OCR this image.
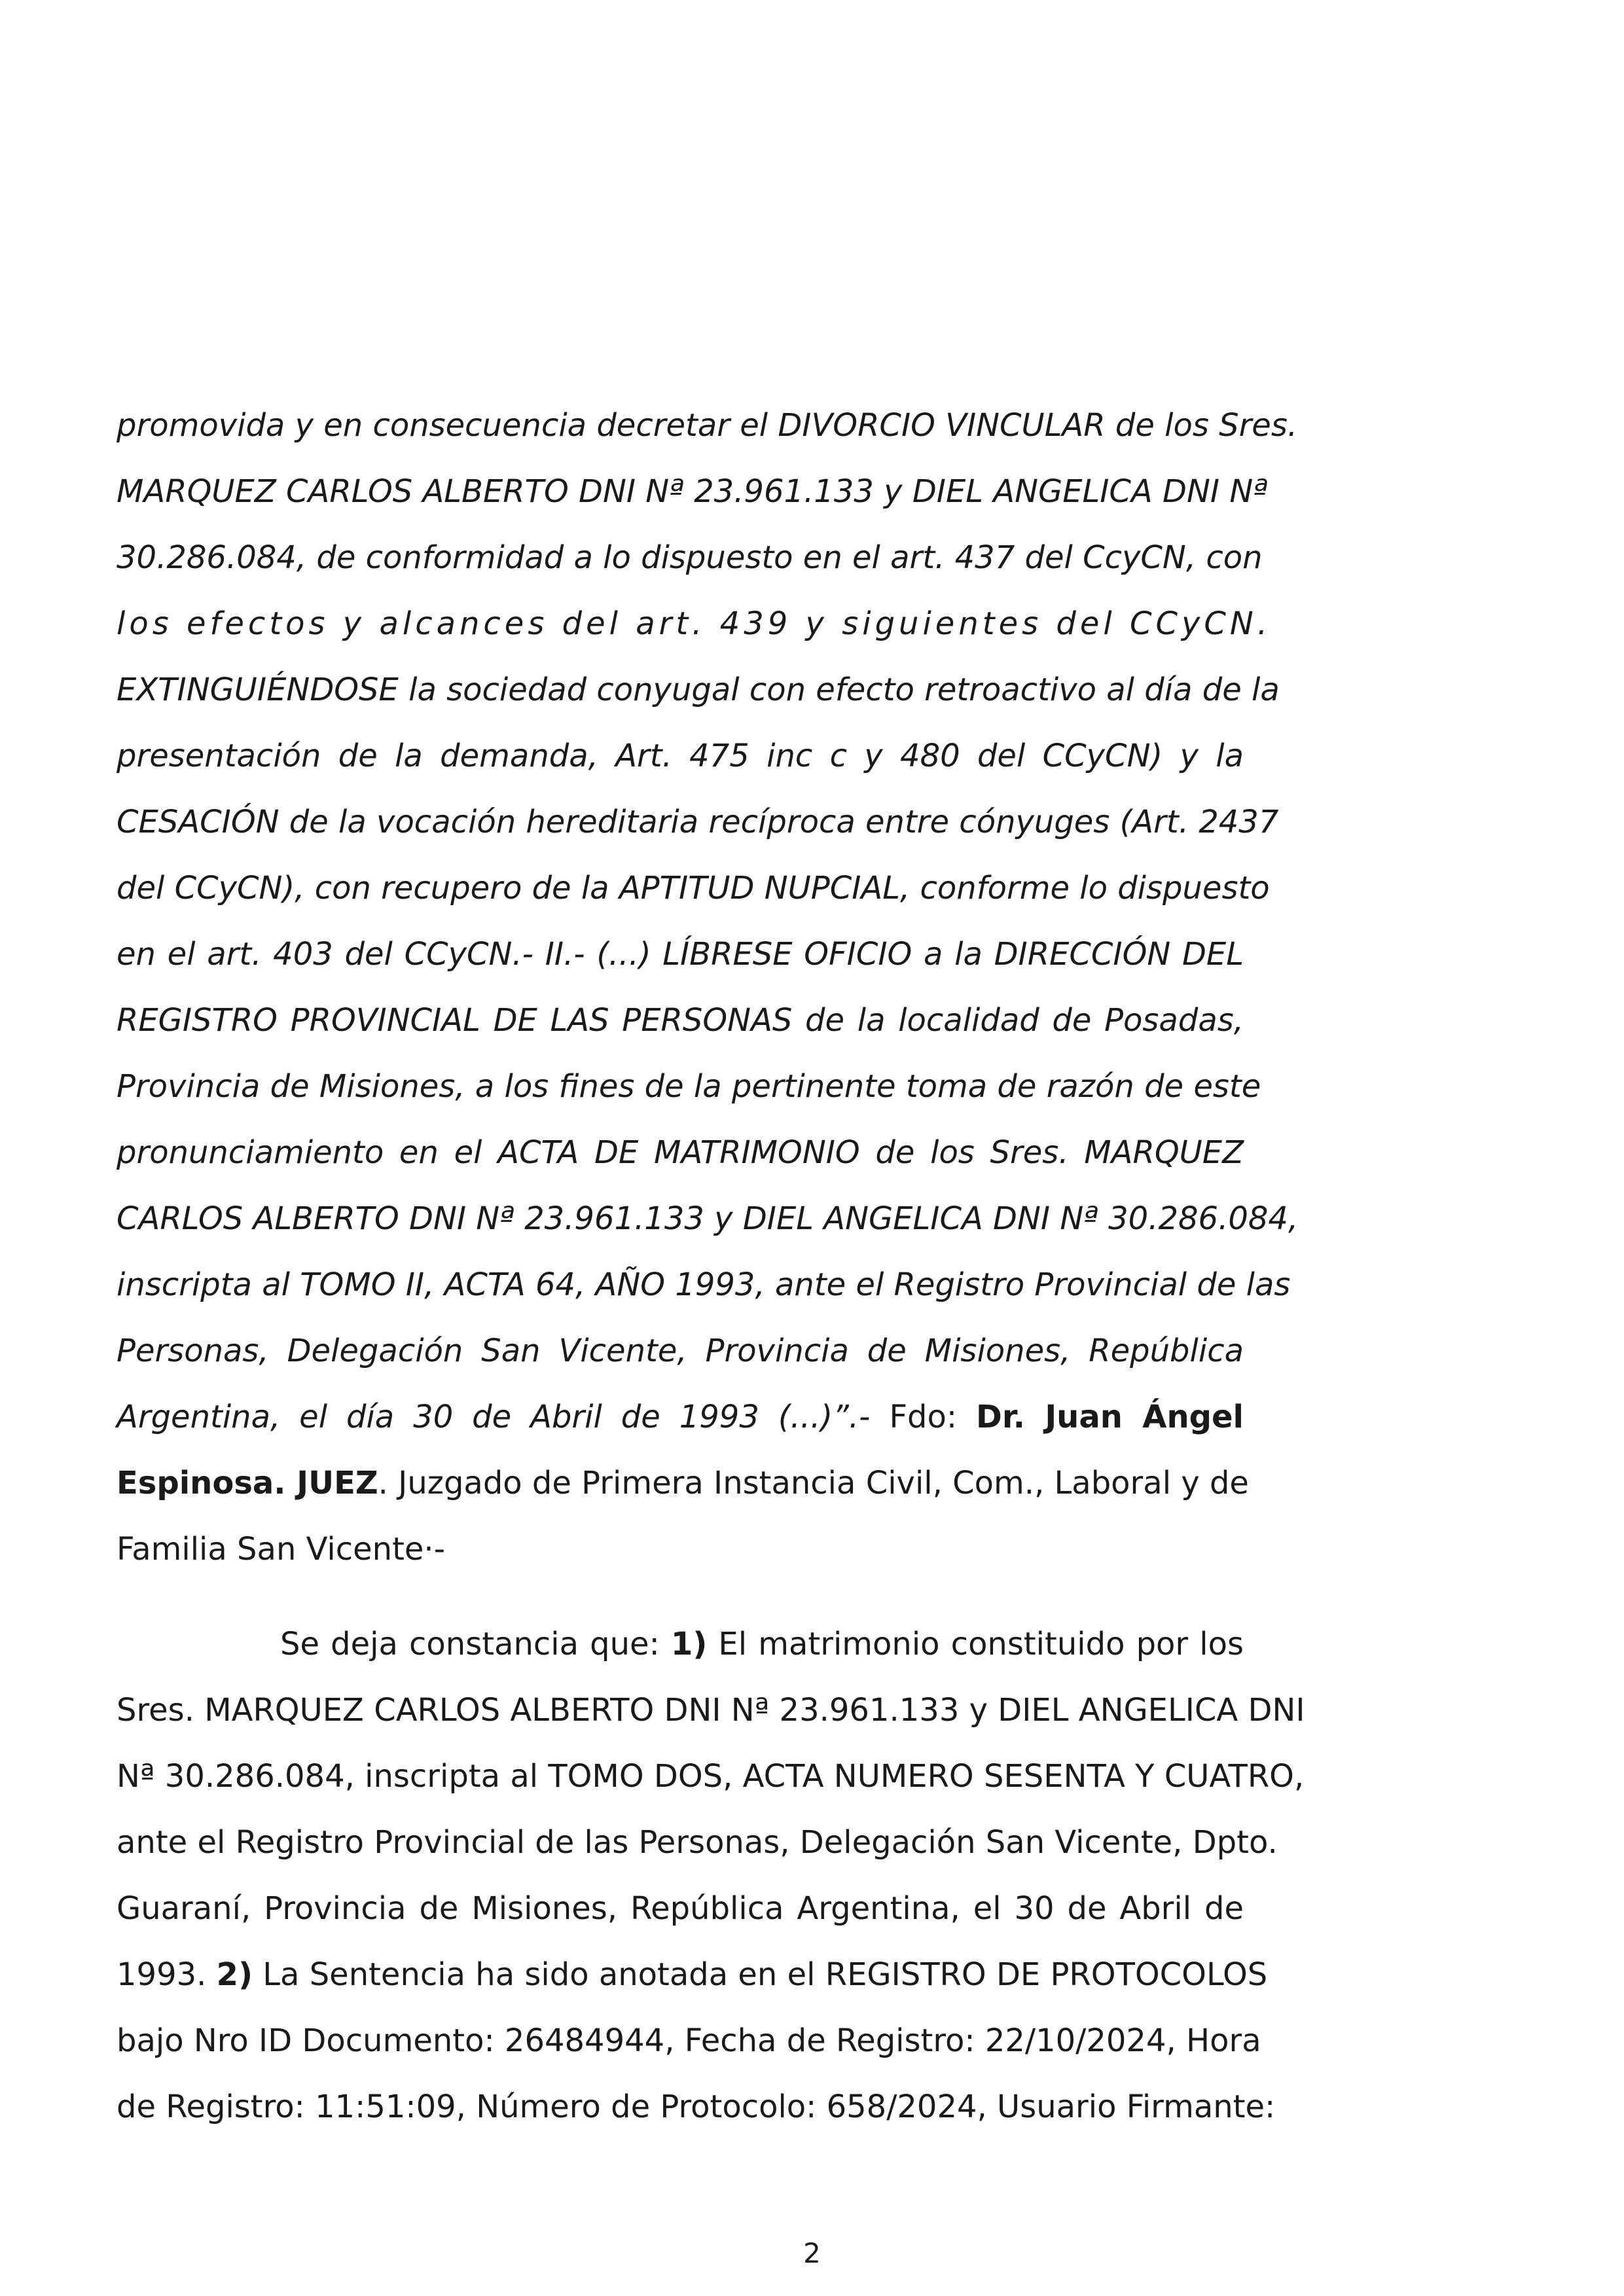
promovida y en consecuencia decretar el DIVORCIO VINCULAR de los Sres.
MARQUEZ CARLOS ALBERTO DNI Nª 23.961.133 y DIEL ANGELICA DNI Nª
30.286.084, de conformidad a lo dispuesto en el art. 437 del CcyCN, con
los efectos y alcances del art. 439 y siguientes del CCyCN.
EXTINGUIÉNDOSE la sociedad conyugal con efecto retroactivo al día de la
presentación de la demanda, Art. 475 inc c y 480 del CCyCN) y la
CESACIÓN de la vocación hereditaria recíproca entre cónyuges (Art. 2437
del CCyCN), con recupero de la APTITUD NUPCIAL, conforme lo dispuesto
en el art. 403 del CCyCN.- II.- (...) LÍBRESE OFICIO a la DIRECCIÓN DEL
REGISTRO PROVINCIAL DE LAS PERSONAS de la localidad de Posadas,
Provincia de Misiones, a los fines de la pertinente toma de razón de este
pronunciamiento en el ACTA DE MATRIMONIO de los Sres. MARQUEZ
CARLOS ALBERTO DNI Nª 23.961.133 y DIEL ANGELICA DNI Nª 30.286.084,
inscripta al TOMO II, ACTA 64, AÑO 1993, ante el Registro Provincial de las
Personas, Delegación San Vicente, Provincia de Misiones, República
Argentina, el día 30 de Abril de 1993 (...)”.- Fdo: Dr. Juan Ángel
Espinosa. JUEZ. Juzgado de Primera Instancia Civil, Com., Laboral y de
Familia San Vicente·-
Se deja constancia que: 1) El matrimonio constituido por los
Sres. MARQUEZ CARLOS ALBERTO DNI Nª 23.961.133 y DIEL ANGELICA DNI
Nª 30.286.084, inscripta al TOMO DOS, ACTA NUMERO SESENTA Y CUATRO,
ante el Registro Provincial de las Personas, Delegación San Vicente, Dpto.
Guaraní, Provincia de Misiones, República Argentina, el 30 de Abril de
1993. 2) La Sentencia ha sido anotada en el REGISTRO DE PROTOCOLOS
bajo Nro ID Documento: 26484944, Fecha de Registro: 22/10/2024, Hora
de Registro: 11:51:09, Número de Protocolo: 658/2024, Usuario Firmante:
2
